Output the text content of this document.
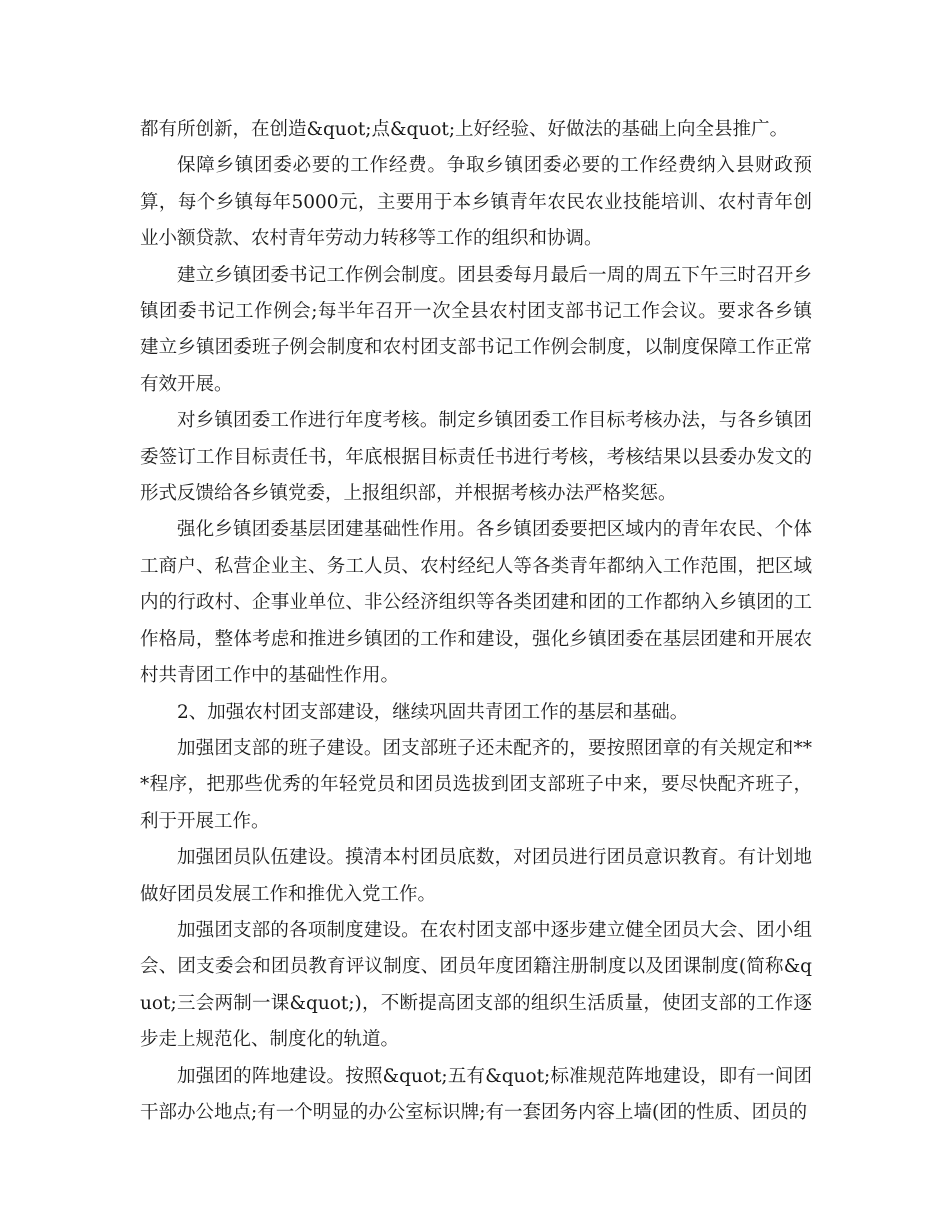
都有所创新，在创造&quot;点&quot;上好经验、好做法的基础上向全县推广。

保障乡镇团委必要的工作经费。争取乡镇团委必要的工作经费纳入县财政预算，每个乡镇每年5000元，主要用于本乡镇青年农民农业技能培训、农村青年创业小额贷款、农村青年劳动力转移等工作的组织和协调。

建立乡镇团委书记工作例会制度。团县委每月最后一周的周五下午三时召开乡镇团委书记工作例会;每半年召开一次全县农村团支部书记工作会议。要求各乡镇建立乡镇团委班子例会制度和农村团支部书记工作例会制度，以制度保障工作正常有效开展。

对乡镇团委工作进行年度考核。制定乡镇团委工作目标考核办法，与各乡镇团委签订工作目标责任书，年底根据目标责任书进行考核，考核结果以县委办发文的形式反馈给各乡镇党委，上报组织部，并根据考核办法严格奖惩。

强化乡镇团委基层团建基础性作用。各乡镇团委要把区域内的青年农民、个体工商户、私营企业主、务工人员、农村经纪人等各类青年都纳入工作范围，把区域内的行政村、企事业单位、非公经济组织等各类团建和团的工作都纳入乡镇团的工作格局，整体考虑和推进乡镇团的工作和建设，强化乡镇团委在基层团建和开展农村共青团工作中的基础性作用。

2、加强农村团支部建设，继续巩固共青团工作的基层和基础。

加强团支部的班子建设。团支部班子还未配齐的，要按照团章的有关规定和***程序，把那些优秀的年轻党员和团员选拔到团支部班子中来，要尽快配齐班子，利于开展工作。

加强团员队伍建设。摸清本村团员底数，对团员进行团员意识教育。有计划地做好团员发展工作和推优入党工作。

加强团支部的各项制度建设。在农村团支部中逐步建立健全团员大会、团小组会、团支委会和团员教育评议制度、团员年度团籍注册制度以及团课制度(简称&quot;三会两制一课&quot;)，不断提高团支部的组织生活质量，使团支部的工作逐步走上规范化、制度化的轨道。

加强团的阵地建设。按照&quot;五有&quot;标准规范阵地建设，即有一间团干部办公地点;有一个明显的办公室标识牌;有一套团务内容上墙(团的性质、团员的
